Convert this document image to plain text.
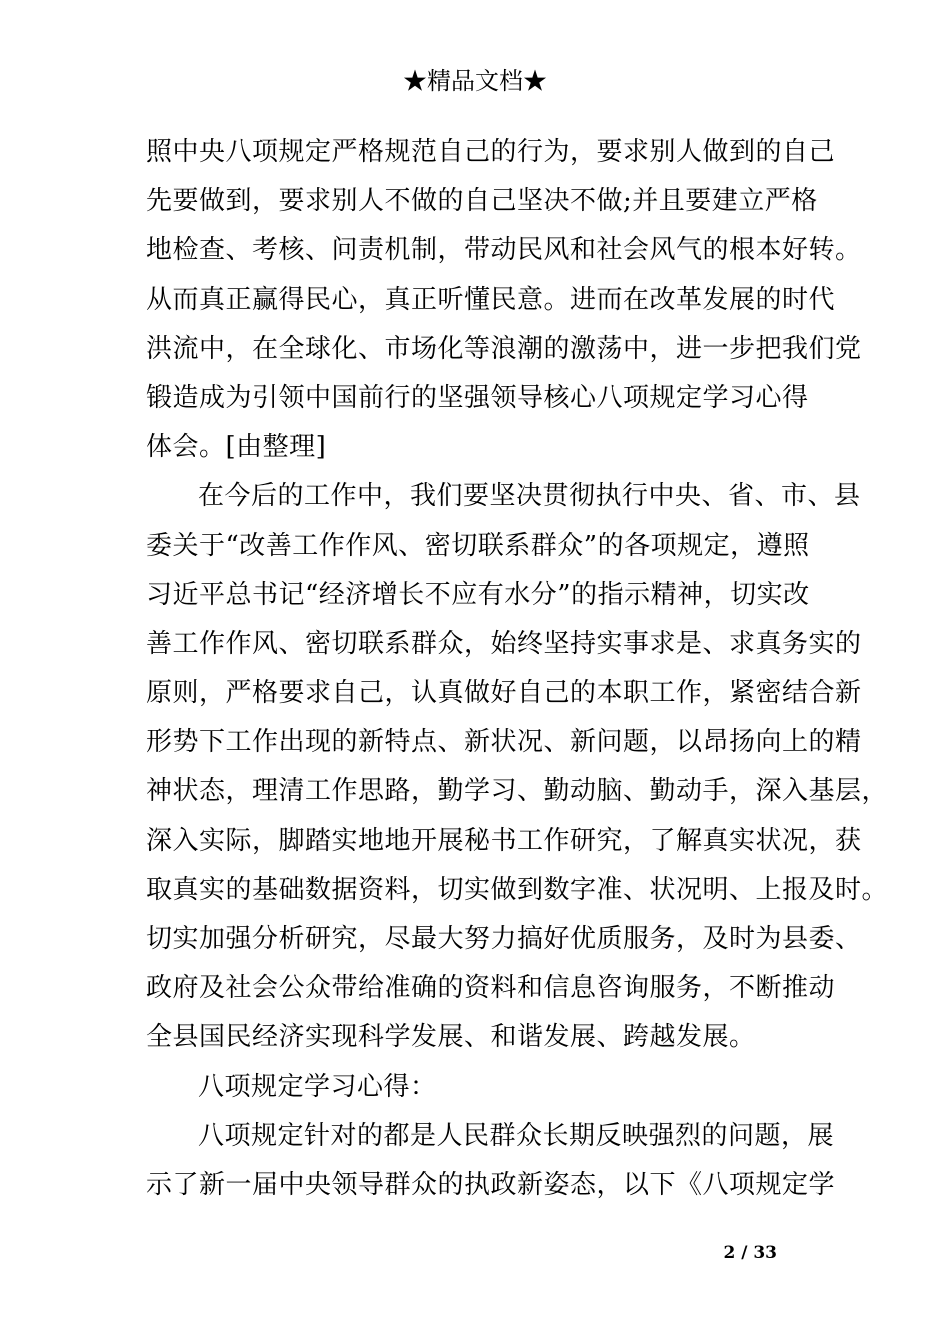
★精品文档★
照中央八项规定严格规范自己的行为，要求别人做到的自己
先要做到，要求别人不做的自己坚决不做;并且要建立严格
地检查、考核、问责机制，带动民风和社会风气的根本好转。
从而真正赢得民心，真正听懂民意。进而在改革发展的时代
洪流中，在全球化、市场化等浪潮的激荡中，进一步把我们党
锻造成为引领中国前行的坚强领导核心八项规定学习心得
体会。[由整理]
在今后的工作中，我们要坚决贯彻执行中央、省、市、县
委关于“改善工作作风、密切联系群众”的各项规定，遵照
习近平总书记“经济增长不应有水分”的指示精神，切实改
善工作作风、密切联系群众，始终坚持实事求是、求真务实的
原则，严格要求自己，认真做好自己的本职工作，紧密结合新
形势下工作出现的新特点、新状况、新问题，以昂扬向上的精
神状态，理清工作思路，勤学习、勤动脑、勤动手，深入基层，
深入实际，脚踏实地地开展秘书工作研究，了解真实状况，获
取真实的基础数据资料，切实做到数字准、状况明、上报及时。
切实加强分析研究，尽最大努力搞好优质服务，及时为县委、
政府及社会公众带给准确的资料和信息咨询服务，不断推动
全县国民经济实现科学发展、和谐发展、跨越发展。
八项规定学习心得：
八项规定针对的都是人民群众长期反映强烈的问题，展
示了新一届中央领导群众的执政新姿态，以下《八项规定学
2 / 33
